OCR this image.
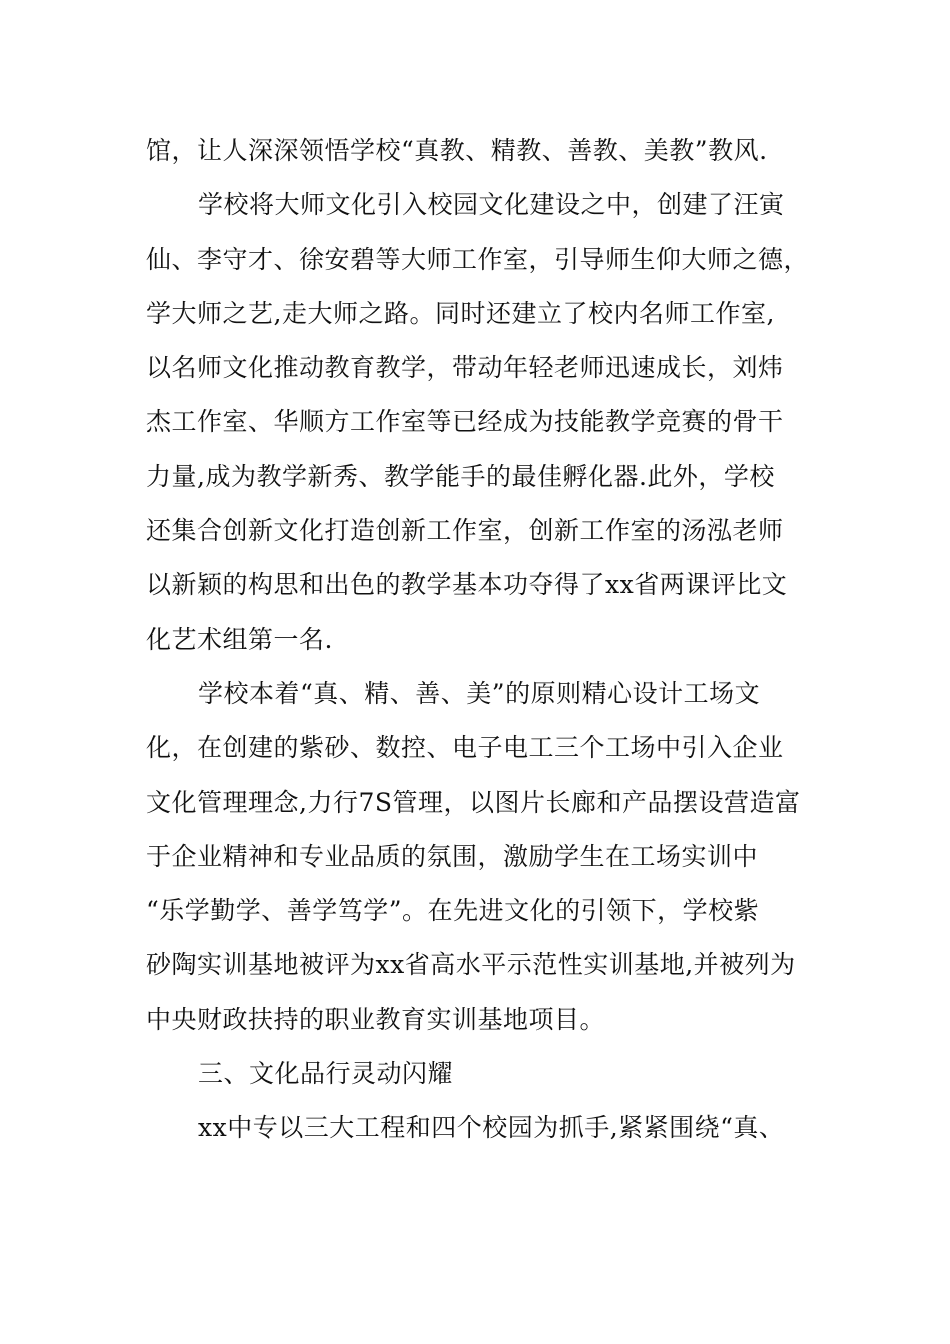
馆，让人深深领悟学校“真教、精教、善教、美教”教风.
学校将大师文化引入校园文化建设之中，创建了汪寅
仙、李守才、徐安碧等大师工作室，引导师生仰大师之德，
学大师之艺,走大师之路。同时还建立了校内名师工作室,
以名师文化推动教育教学，带动年轻老师迅速成长，刘炜
杰工作室、华顺方工作室等已经成为技能教学竞赛的骨干
力量,成为教学新秀、教学能手的最佳孵化器.此外，学校
还集合创新文化打造创新工作室，创新工作室的汤泓老师
以新颖的构思和出色的教学基本功夺得了xx省两课评比文
化艺术组第一名.
学校本着“真、精、善、美”的原则精心设计工场文
化，在创建的紫砂、数控、电子电工三个工场中引入企业
文化管理理念,力行7S管理，以图片长廊和产品摆设营造富
于企业精神和专业品质的氛围，激励学生在工场实训中
“乐学勤学、善学笃学”。在先进文化的引领下，学校紫
砂陶实训基地被评为xx省高水平示范性实训基地,并被列为
中央财政扶持的职业教育实训基地项目。
三、文化品行灵动闪耀
xx中专以三大工程和四个校园为抓手,紧紧围绕“真、
